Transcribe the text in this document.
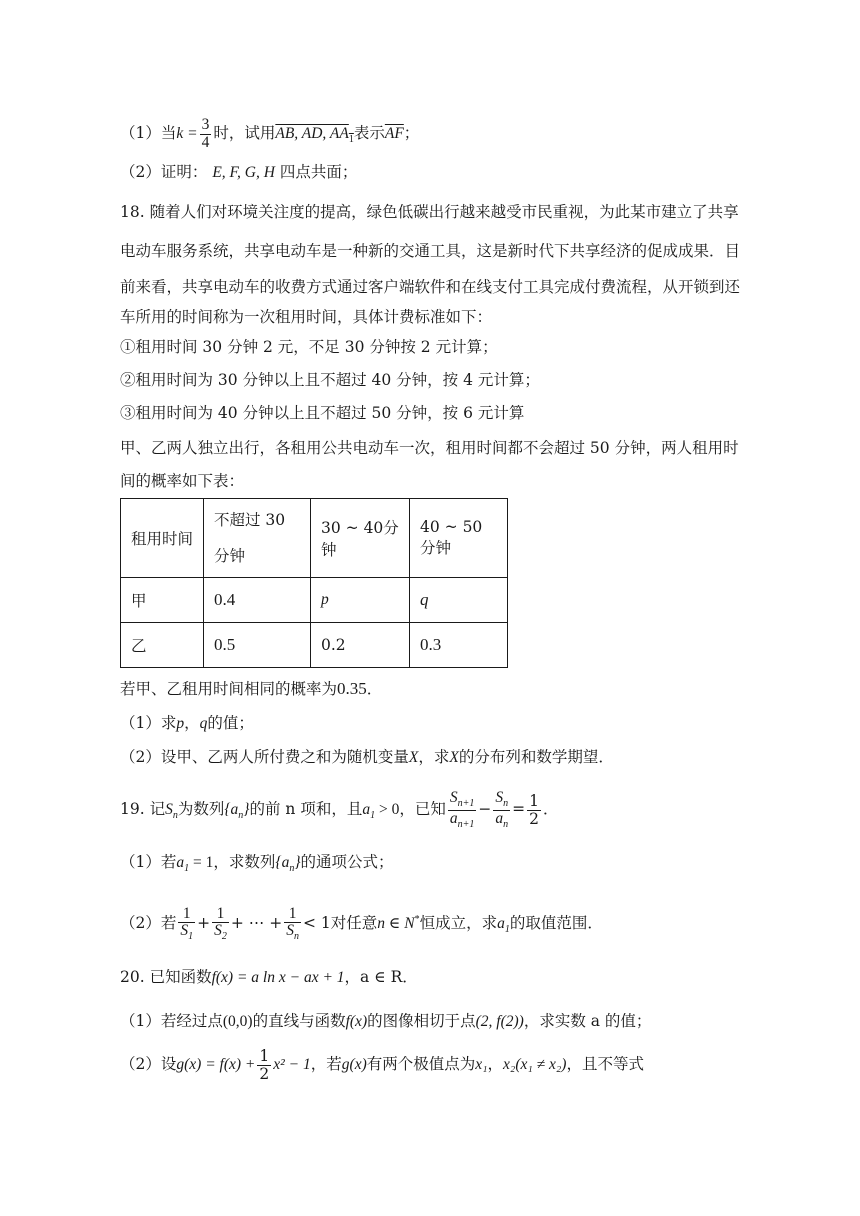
（1）当$k = \frac{3}{4}$ 时，试用AB, AD, $AA_1$表示$\overline{AF}$；
（2）证明： E, F, G, H 四点共面；
18. 随着人们对环境关注度的提高，绿色低碳出行越来越受市民重视，为此某市建立了共享
电动车服务系统，共享电动车是一种新的交通工具，这是新时代下共享经济的促成成果．目
前来看，共享电动车的收费方式通过客户端软件和在线支付工具完成付费流程，从开锁到还
车所用的时间称为一次租用时间，具体计费标准如下：
①租用时间 30 分钟 2 元，不足 30 分钟按 2 元计算；
②租用时间为 30 分钟以上且不超过 40 分钟，按 4 元计算；
③租用时间为 40 分钟以上且不超过 50 分钟，按 6 元计算
甲、乙两人独立出行，各租用公共电动车一次，租用时间都不会超过 50 分钟，两人租用时
间的概率如下表：
租用时间	不超过 30 分钟	30 ~ 40分钟	40 ~ 50分钟
甲	0.4	p	q
乙	0.5	0.2	0.3
若甲、乙租用时间相同的概率为0.35．
（1）求p，q的值；
（2）设甲、乙两人所付费之和为随机变量X，求X的分布列和数学期望．
19. 记$S_n$为数列$\{a_n\}$的前 n 项和，且$a_1 > 0$，已知 $\frac{S_{n+1}}{a_{n+1}} - \frac{S_n}{a_n} = \frac{1}{2}$ ．
（1）若$a_1 = 1$，求数列$\{a_n\}$的通项公式；
（2）若 $\frac{1}{S_1} + \frac{1}{S_2}$ + ⋯ + $\frac{1}{S_n} < 1$对任意n ∈ N*恒成立，求$a_1$的取值范围．
20. 已知函数f(x) = a ln x − ax + 1，a ∈ R．
（1）若经过点(0,0)的直线与函数f(x)的图像相切于点(2, f(2))，求实数 a 的值；
（2）设$g(x) = f(x) + \frac{1}{2} x^2 - 1$，若g(x)有两个极值点为x₁，x₂(x₁ ≠ x₂)，且不等式
